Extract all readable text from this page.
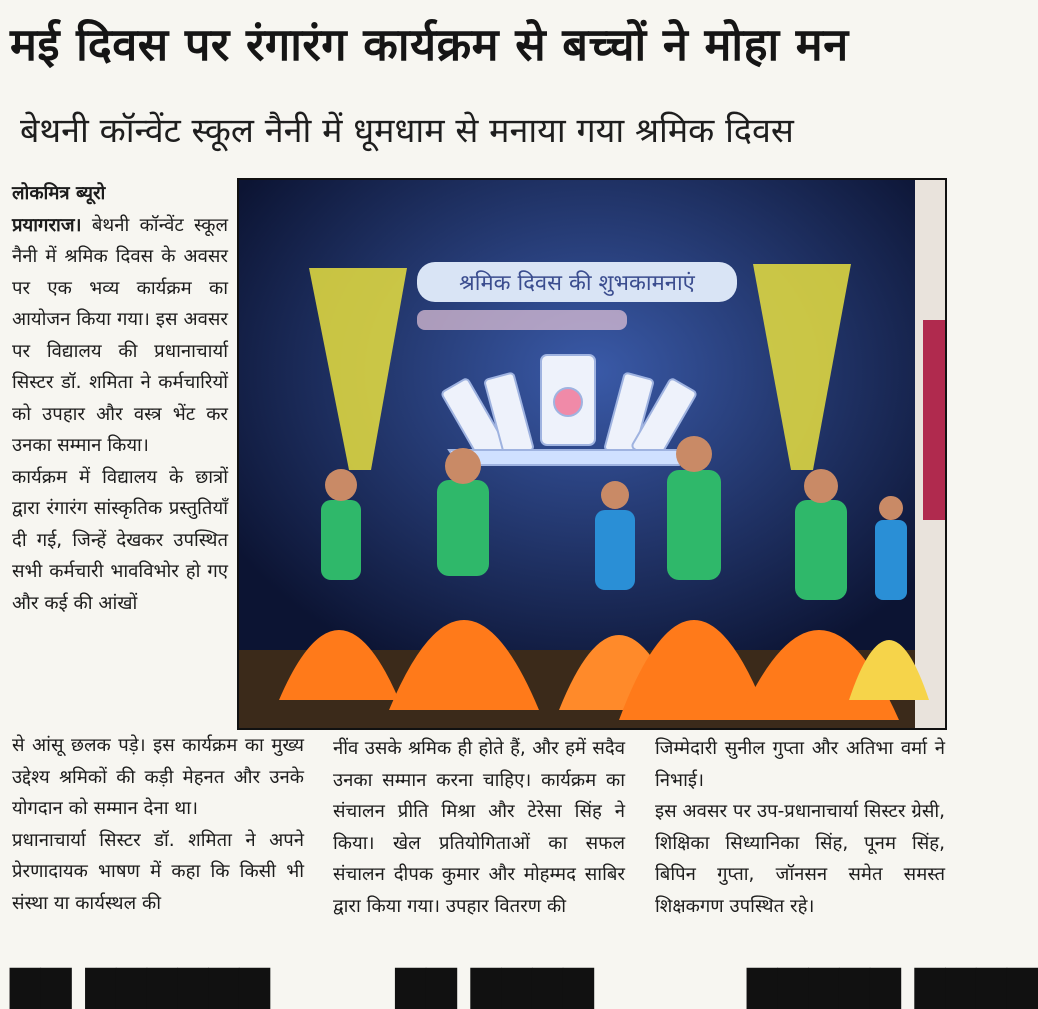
मई दिवस पर रंगारंग कार्यक्रम से बच्चों ने मोहा मन
बेथनी कॉन्वेंट स्कूल नैनी में धूमधाम से मनाया गया श्रमिक दिवस

लोकमित्र ब्यूरो

प्रयागराज। बेथनी कॉन्वेंट स्कूल नैनी में श्रमिक दिवस के अवसर पर एक भव्य कार्यक्रम का आयोजन किया गया। इस अवसर पर विद्यालय की प्रधानाचार्या सिस्टर डॉ. शमिता ने कर्मचारियों को उपहार और वस्त्र भेंट कर उनका सम्मान किया।

कार्यक्रम में विद्यालय के छात्रों द्वारा रंगारंग सांस्कृतिक प्रस्तुतियाँ दी गई, जिन्हें देखकर उपस्थित सभी कर्मचारी भावविभोर हो गए और कई की आंखों

से आंसू छलक पड़े। इस कार्यक्रम का मुख्य उद्देश्य श्रमिकों की कड़ी मेहनत और उनके योगदान को सम्मान देना था।

प्रधानाचार्या सिस्टर डॉ. शमिता ने अपने प्रेरणादायक भाषण में कहा कि किसी भी संस्था या कार्यस्थल की

नींव उसके श्रमिक ही होते हैं, और हमें सदैव उनका सम्मान करना चाहिए। कार्यक्रम का संचालन प्रीति मिश्रा और टेरेसा सिंह ने किया। खेल प्रतियोगिताओं का सफल संचालन दीपक कुमार और मोहम्मद साबिर द्वारा किया गया। उपहार वितरण की

जिम्मेदारी सुनील गुप्ता और अतिभा वर्मा ने निभाई।

इस अवसर पर उप-प्रधानाचार्या सिस्टर ग्रेसी, शिक्षिका सिध्यानिका सिंह, पूनम सिंह, बिपिन गुप्ता, जॉनसन समेत समस्त शिक्षकगण उपस्थित रहे।

श्रमिक दिवस की शुभकामनाएं
▇▇ ▇▇▇▇▇▇         ▇▇ ▇▇▇▇           ▇▇▇▇▇ ▇▇▇▇
